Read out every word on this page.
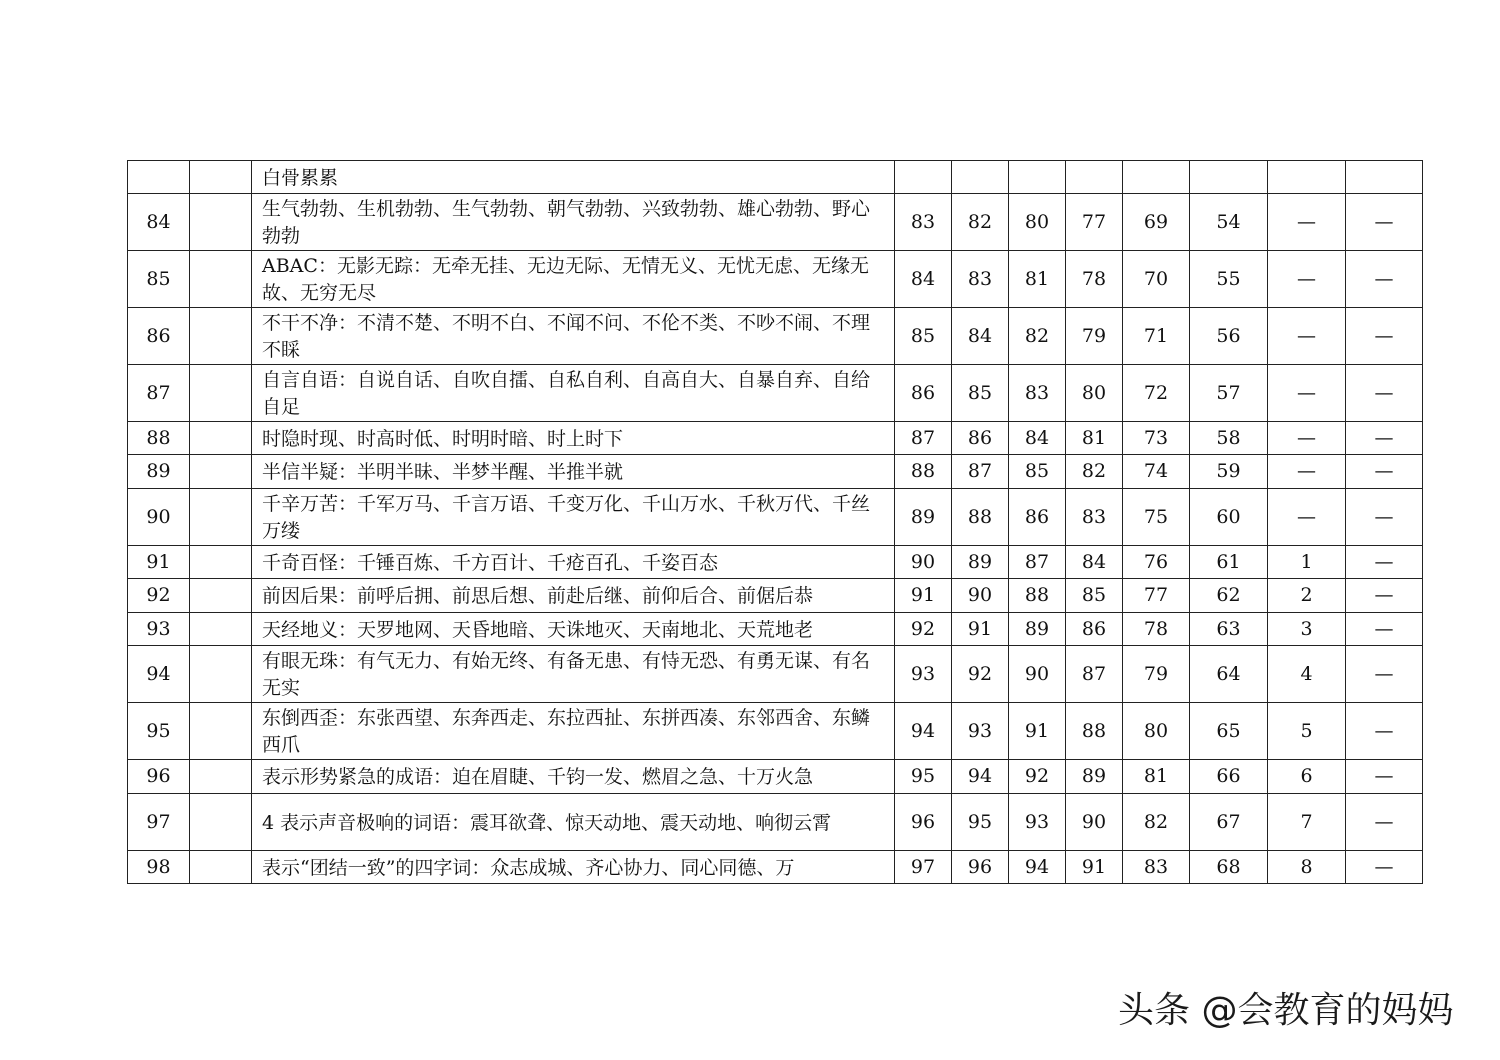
		白骨累累								
84		生气勃勃、生机勃勃、生气勃勃、朝气勃勃、兴致勃勃、雄心勃勃、野心勃勃	83	82	80	77	69	54	—	—
85		ABAC：无影无踪：无牵无挂、无边无际、无情无义、无忧无虑、无缘无故、无穷无尽	84	83	81	78	70	55	—	—
86		不干不净：不清不楚、不明不白、不闻不问、不伦不类、不吵不闹、不理不睬	85	84	82	79	71	56	—	—
87		自言自语：自说自话、自吹自擂、自私自利、自高自大、自暴自弃、自给自足	86	85	83	80	72	57	—	—
88		时隐时现、时高时低、时明时暗、时上时下	87	86	84	81	73	58	—	—
89		半信半疑：半明半昧、半梦半醒、半推半就	88	87	85	82	74	59	—	—
90		千辛万苦：千军万马、千言万语、千变万化、千山万水、千秋万代、千丝万缕	89	88	86	83	75	60	—	—
91		千奇百怪：千锤百炼、千方百计、千疮百孔、千姿百态	90	89	87	84	76	61	1	—
92		前因后果：前呼后拥、前思后想、前赴后继、前仰后合、前倨后恭	91	90	88	85	77	62	2	—
93		天经地义：天罗地网、天昏地暗、天诛地灭、天南地北、天荒地老	92	91	89	86	78	63	3	—
94		有眼无珠：有气无力、有始无终、有备无患、有恃无恐、有勇无谋、有名无实	93	92	90	87	79	64	4	—
95		东倒西歪：东张西望、东奔西走、东拉西扯、东拼西凑、东邻西舍、东鳞西爪	94	93	91	88	80	65	5	—
96		表示形势紧急的成语：迫在眉睫、千钧一发、燃眉之急、十万火急	95	94	92	89	81	66	6	—
97		4 表示声音极响的词语：震耳欲聋、惊天动地、震天动地、响彻云霄	96	95	93	90	82	67	7	—
98		表示“团结一致”的四字词：众志成城、齐心协力、同心同德、万	97	96	94	91	83	68	8	—
头条 @会教育的妈妈
